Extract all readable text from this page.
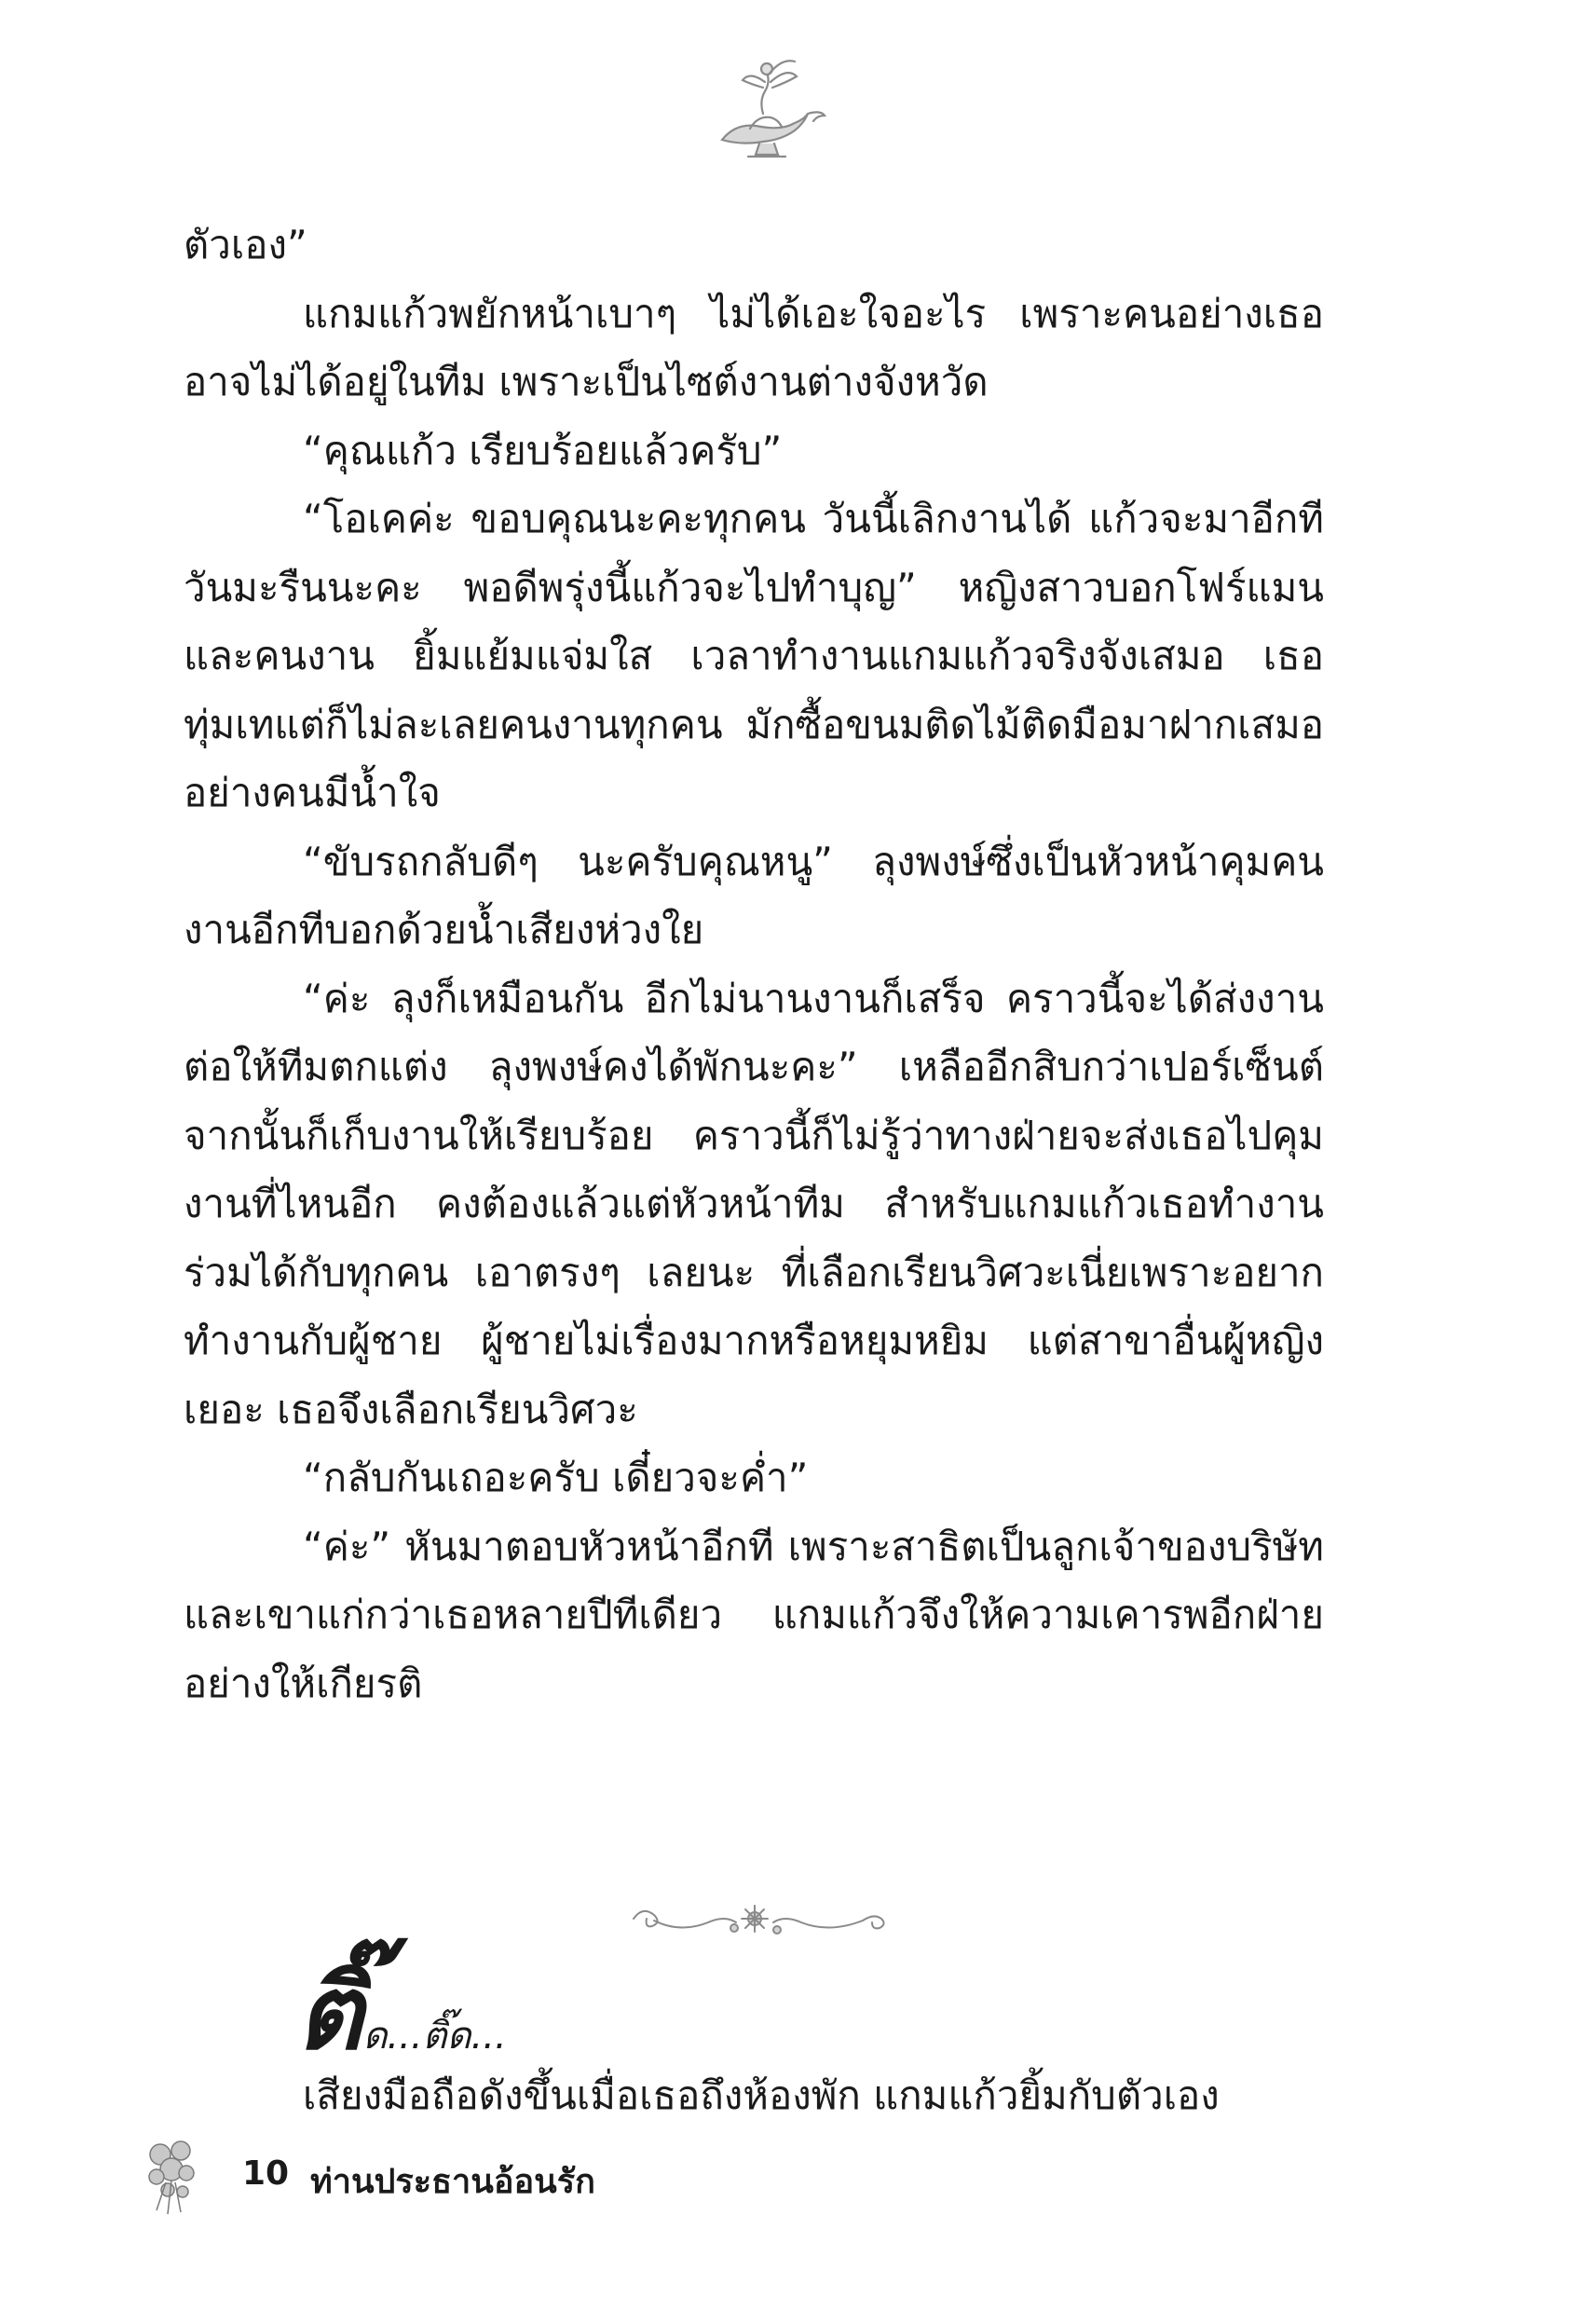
ตัวเอง”

แกมแก้วพยักหน้าเบาๆ ไม่ได้เอะใจอะไร เพราะคนอย่างเธออาจไม่ได้อยู่ในทีม เพราะเป็นไซต์งานต่างจังหวัด

“คุณแก้ว เรียบร้อยแล้วครับ”

“โอเคค่ะ ขอบคุณนะคะทุกคน วันนี้เลิกงานได้ แก้วจะมาอีกทีวันมะรืนนะคะ พอดีพรุ่งนี้แก้วจะไปทำบุญ” หญิงสาวบอกโฟร์แมนและคนงาน ยิ้มแย้มแจ่มใส เวลาทำงานแกมแก้วจริงจังเสมอ เธอทุ่มเทแต่ก็ไม่ละเลยคนงานทุกคน มักซื้อขนมติดไม้ติดมือมาฝากเสมออย่างคนมีน้ำใจ

“ขับรถกลับดีๆ นะครับคุณหนู” ลุงพงษ์ซึ่งเป็นหัวหน้าคุมคนงานอีกทีบอกด้วยน้ำเสียงห่วงใย

“ค่ะ ลุงก็เหมือนกัน อีกไม่นานงานก็เสร็จ คราวนี้จะได้ส่งงานต่อให้ทีมตกแต่ง ลุงพงษ์คงได้พักนะคะ” เหลืออีกสิบกว่าเปอร์เซ็นต์จากนั้นก็เก็บงานให้เรียบร้อย คราวนี้ก็ไม่รู้ว่าทางฝ่ายจะส่งเธอไปคุมงานที่ไหนอีก คงต้องแล้วแต่หัวหน้าทีม สำหรับแกมแก้วเธอทำงานร่วมได้กับทุกคน เอาตรงๆ เลยนะ ที่เลือกเรียนวิศวะเนี่ยเพราะอยากทำงานกับผู้ชาย ผู้ชายไม่เรื่องมากหรือหยุมหยิม แต่สาขาอื่นผู้หญิงเยอะ เธอจึงเลือกเรียนวิศวะ

“กลับกันเถอะครับ เดี๋ยวจะค่ำ”

“ค่ะ” หันมาตอบหัวหน้าอีกที เพราะสาธิตเป็นลูกเจ้าของบริษัทและเขาแก่กว่าเธอหลายปีทีเดียว แกมแก้วจึงให้ความเคารพอีกฝ่ายอย่างให้เกียรติ

ติ๊ด...ติ๊ด...
เสียงมือถือดังขึ้นเมื่อเธอถึงห้องพัก แกมแก้วยิ้มกับตัวเอง
10 ท่านประธานอ้อนรัก
